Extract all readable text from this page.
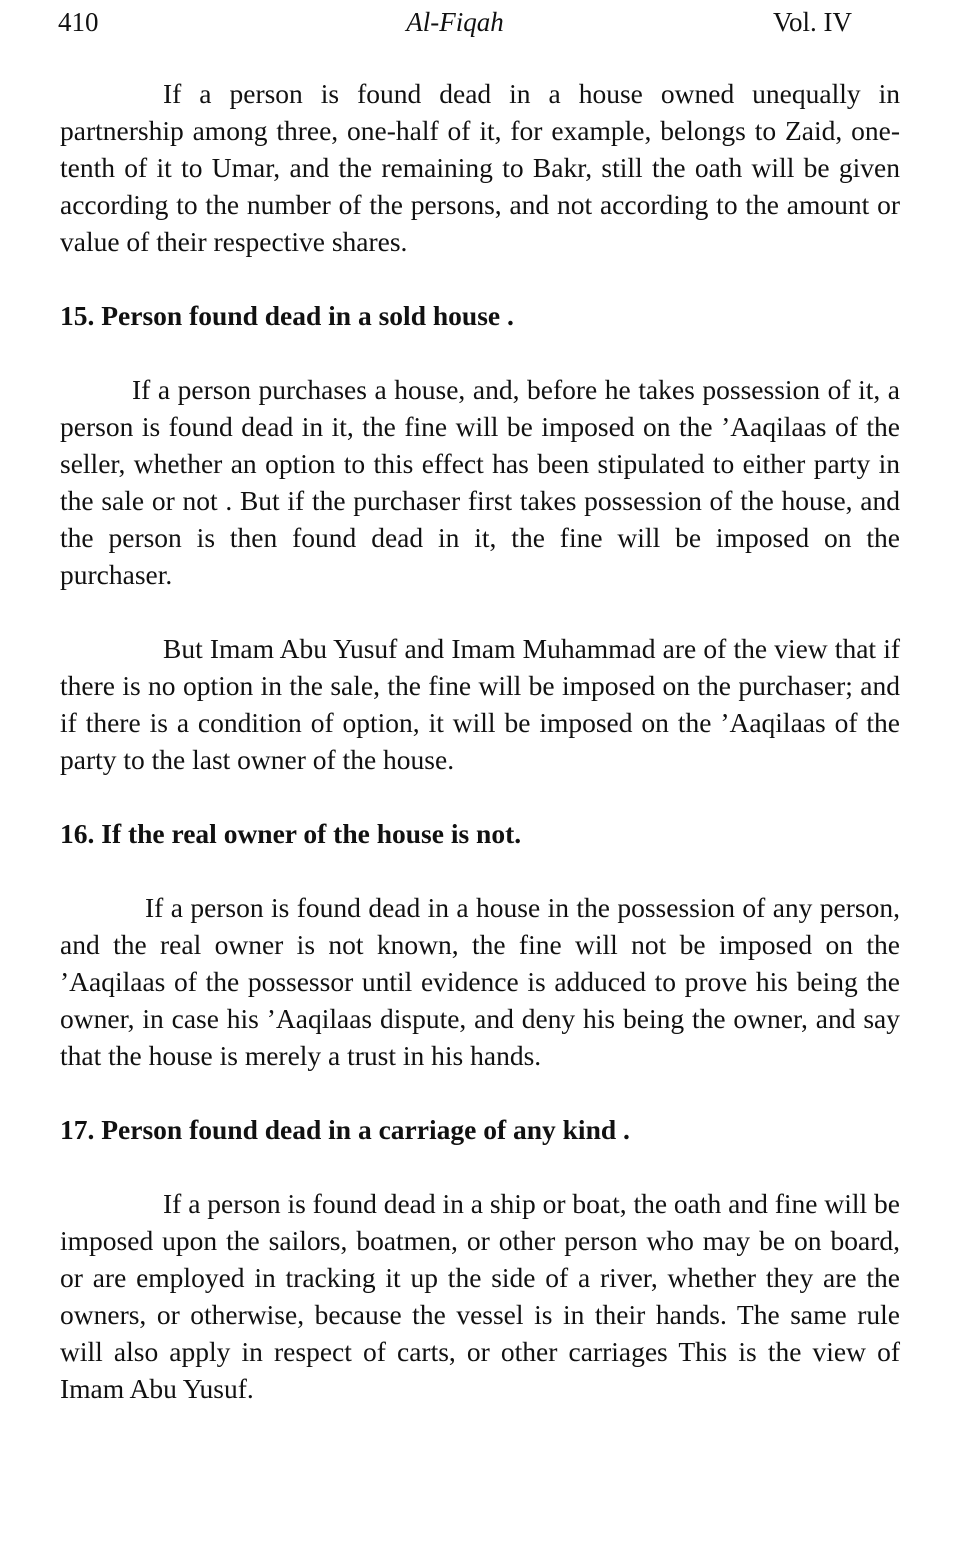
410	Al-Fiqah	Vol. IV

If a person is found dead in a house owned unequally in partnership among three, one-half of it, for example, belongs to Zaid, one-tenth of it to Umar, and the remaining to Bakr, still the oath will be given according to the number of the persons, and not according to the amount or value of their respective shares.

15. Person found dead in a sold house .

If a person purchases a house, and, before he takes possession of it, a person is found dead in it, the fine will be imposed on the ’Aaqilaas of the seller, whether an option to this effect has been stipulated to either party in the sale or not . But if the purchaser first takes possession of the house, and the person is then found dead in it, the fine will be imposed on the purchaser.

But Imam Abu Yusuf and Imam Muhammad are of the view that if there is no option in the sale, the fine will be imposed on the purchaser; and if there is a condition of option, it will be imposed on the ’Aaqilaas of the party to the last owner of the house.

16. If the real owner of the house is not.

If a person is found dead in a house in the possession of any person, and the real owner is not known, the fine will not be imposed on the ’Aaqilaas of the possessor until evidence is adduced to prove his being the owner, in case his ’Aaqilaas dispute, and deny his being the owner, and say that the house is merely a trust in his hands.

17. Person found dead in a carriage of any kind .

If a person is found dead in a ship or boat, the oath and fine will be imposed upon the sailors, boatmen, or other person who may be on board, or are employed in tracking it up the side of a river, whether they are the owners, or otherwise, because the vessel is in their hands. The same rule will also apply in respect of carts, or other carriages This is the view of Imam Abu Yusuf.
